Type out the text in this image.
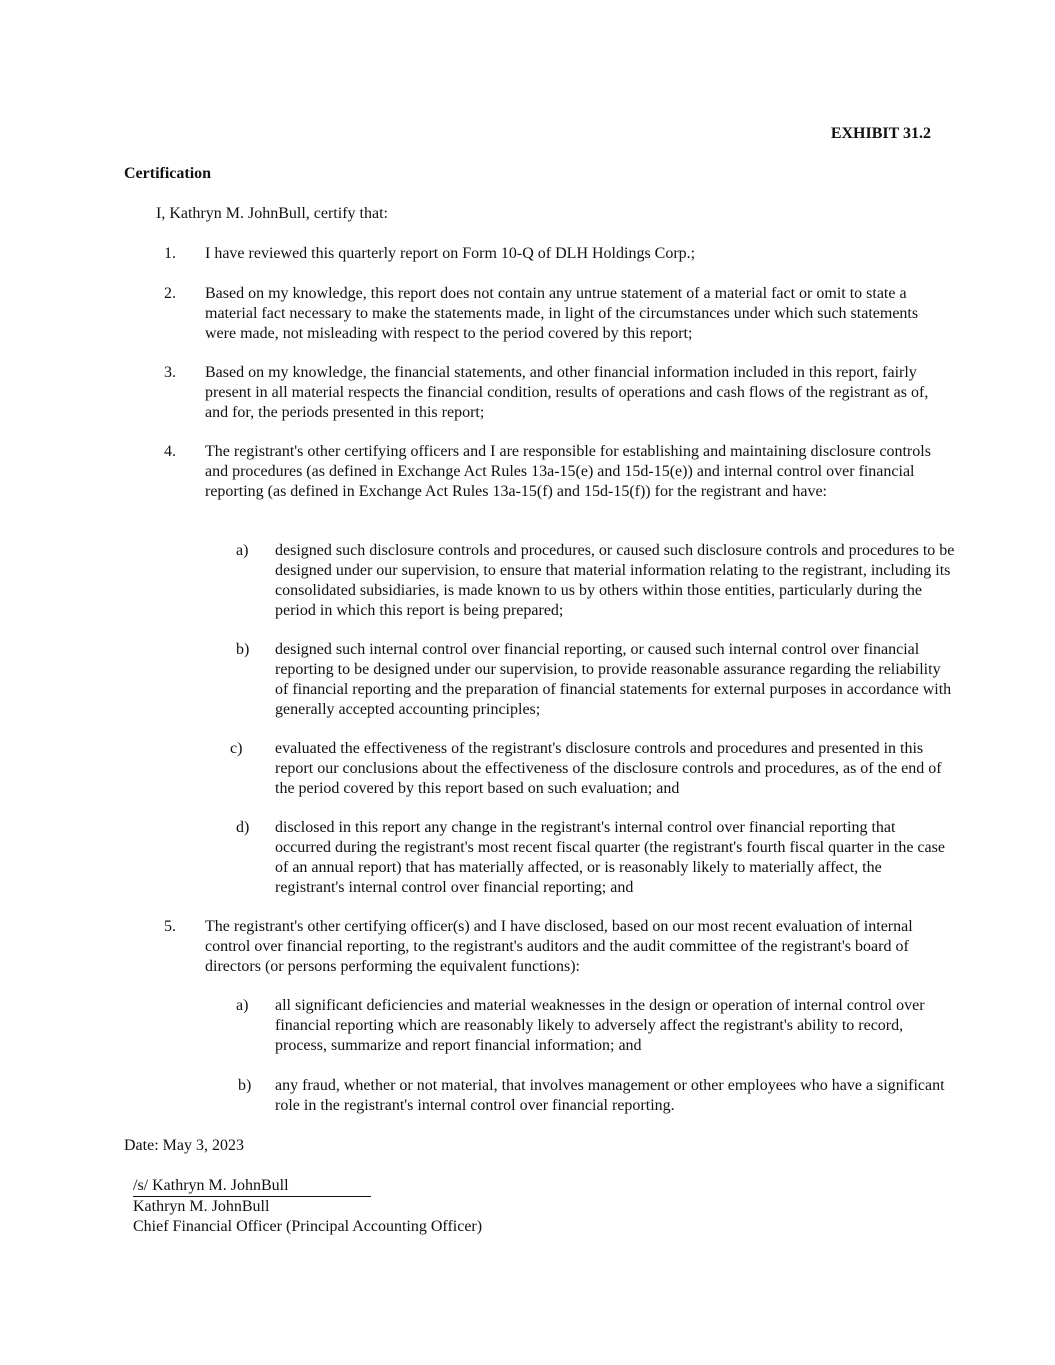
EXHIBIT 31.2
Certification
I, Kathryn M. JohnBull, certify that:
1.	I have reviewed this quarterly report on Form 10-Q of DLH Holdings Corp.;
2.	Based on my knowledge, this report does not contain any untrue statement of a material fact or omit to state a material fact necessary to make the statements made, in light of the circumstances under which such statements were made, not misleading with respect to the period covered by this report;
3.	Based on my knowledge, the financial statements, and other financial information included in this report, fairly present in all material respects the financial condition, results of operations and cash flows of the registrant as of, and for, the periods presented in this report;
4.	The registrant's other certifying officers and I are responsible for establishing and maintaining disclosure controls and procedures (as defined in Exchange Act Rules 13a-15(e) and 15d-15(e)) and internal control over financial reporting (as defined in Exchange Act Rules 13a-15(f) and 15d-15(f)) for the registrant and have:
a)	designed such disclosure controls and procedures, or caused such disclosure controls and procedures to be designed under our supervision, to ensure that material information relating to the registrant, including its consolidated subsidiaries, is made known to us by others within those entities, particularly during the period in which this report is being prepared;
b)	designed such internal control over financial reporting, or caused such internal control over financial reporting to be designed under our supervision, to provide reasonable assurance regarding the reliability of financial reporting and the preparation of financial statements for external purposes in accordance with generally accepted accounting principles;
c)	evaluated the effectiveness of the registrant's disclosure controls and procedures and presented in this report our conclusions about the effectiveness of the disclosure controls and procedures, as of the end of the period covered by this report based on such evaluation; and
d)	disclosed in this report any change in the registrant's internal control over financial reporting that occurred during the registrant's most recent fiscal quarter (the registrant's fourth fiscal quarter in the case of an annual report) that has materially affected, or is reasonably likely to materially affect, the registrant's internal control over financial reporting; and
5.	The registrant's other certifying officer(s) and I have disclosed, based on our most recent evaluation of internal control over financial reporting, to the registrant's auditors and the audit committee of the registrant's board of directors (or persons performing the equivalent functions):
a)	all significant deficiencies and material weaknesses in the design or operation of internal control over financial reporting which are reasonably likely to adversely affect the registrant's ability to record, process, summarize and report financial information; and
b)	any fraud, whether or not material, that involves management or other employees who have a significant role in the registrant's internal control over financial reporting.
Date: May 3, 2023
/s/ Kathryn M. JohnBull
Kathryn M. JohnBull
Chief Financial Officer (Principal Accounting Officer)
